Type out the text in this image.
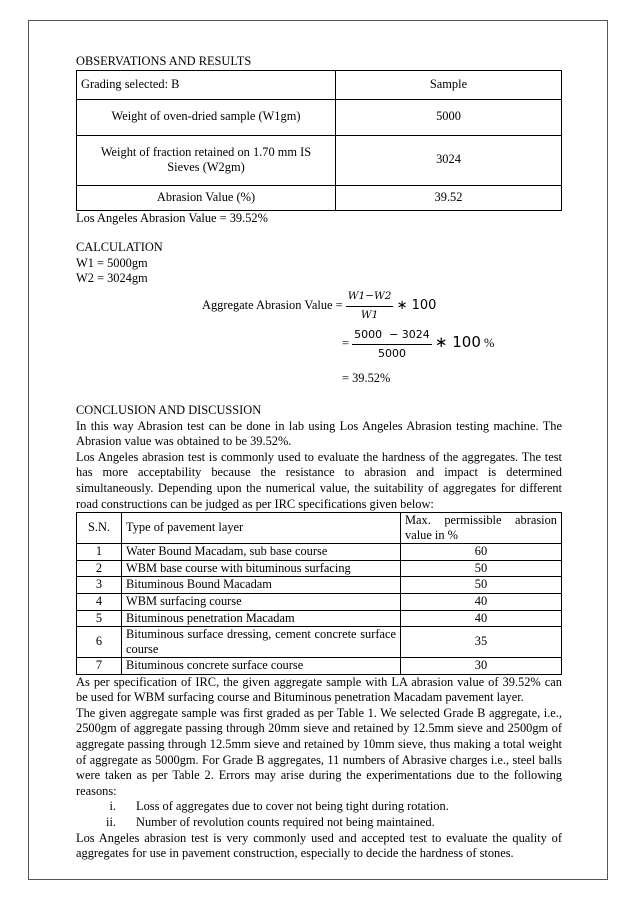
OBSERVATIONS AND RESULTS
Grading selected: B	Sample
Weight of oven-dried sample (W1gm)	5000
Weight of fraction retained on 1.70 mm IS Sieves (W2gm)	3024
Abrasion Value (%)	39.52

Los Angeles Abrasion Value = 39.52%

CALCULATION

W1 = 5000gm

W2 = 3024gm

Aggregate Abrasion Value = $\frac{W1-W2}{W1}$ ∗ 100
= $\frac{5000 - 3024}{5000}$ ∗ 100 %
= 39.52%
CONCLUSION AND DISCUSSION

In this way Abrasion test can be done in lab using Los Angeles Abrasion testing machine. The Abrasion value was obtained to be 39.52%.

Los Angeles abrasion test is commonly used to evaluate the hardness of the aggregates. The test has more acceptability because the resistance to abrasion and impact is determined simultaneously. Depending upon the numerical value, the suitability of aggregates for different road constructions can be judged as per IRC specifications given below:

S.N.	Type of pavement layer	Max. permissible abrasion value in %
1	Water Bound Macadam, sub base course	60
2	WBM base course with bituminous surfacing	50
3	Bituminous Bound Macadam	50
4	WBM surfacing course	40
5	Bituminous penetration Macadam	40
6	Bituminous surface dressing, cement concrete surface course	35
7	Bituminous concrete surface course	30

As per specification of IRC, the given aggregate sample with LA abrasion value of 39.52% can be used for WBM surfacing course and Bituminous penetration Macadam pavement layer.

The given aggregate sample was first graded as per Table 1. We selected Grade B aggregate, i.e., 2500gm of aggregate passing through 20mm sieve and retained by 12.5mm sieve and 2500gm of aggregate passing through 12.5mm sieve and retained by 10mm sieve, thus making a total weight of aggregate as 5000gm. For Grade B aggregates, 11 numbers of Abrasive charges i.e., steel balls were taken as per Table 2. Errors may arise during the experimentations due to the following reasons:

i.	Loss of aggregates due to cover not being tight during rotation.
ii.	Number of revolution counts required not being maintained.

Los Angeles abrasion test is very commonly used and accepted test to evaluate the quality of aggregates for use in pavement construction, especially to decide the hardness of stones.
